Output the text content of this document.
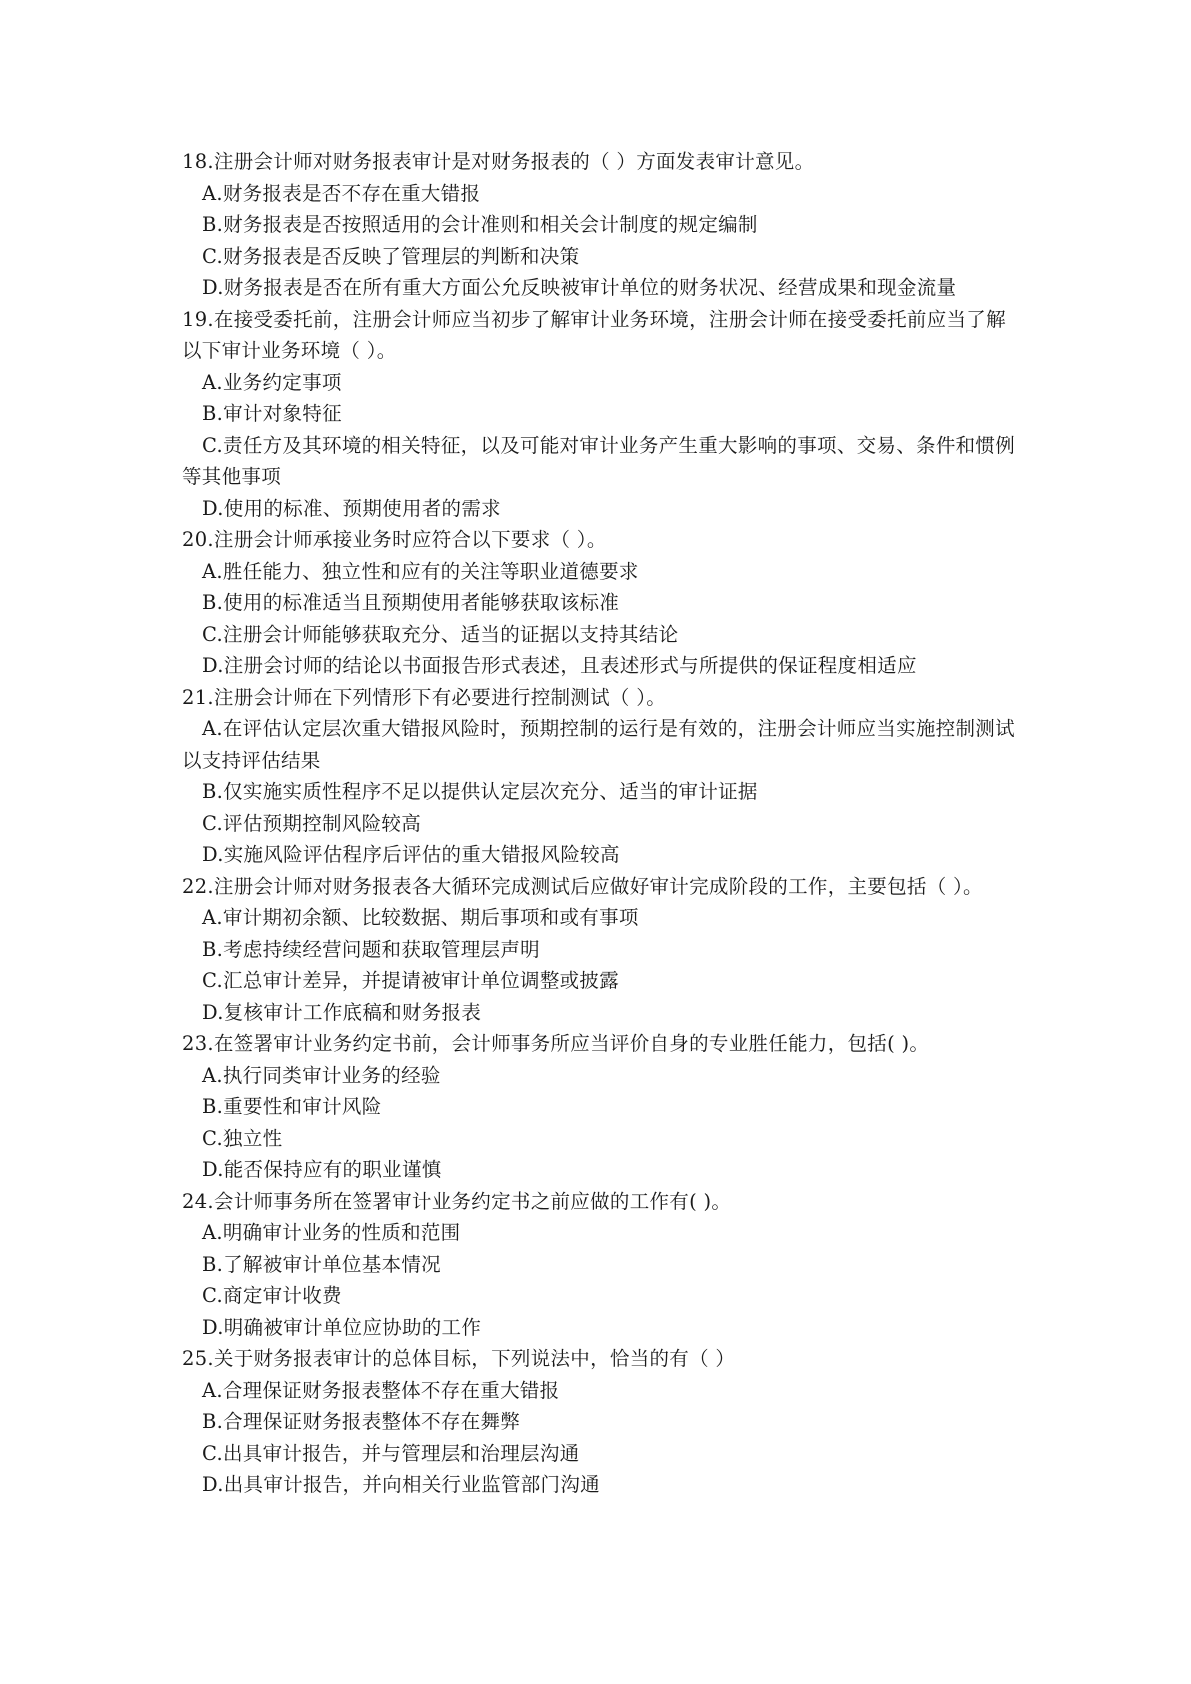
18.注册会计师对财务报表审计是对财务报表的（ ）方面发表审计意见。

A.财务报表是否不存在重大错报

B.财务报表是否按照适用的会计准则和相关会计制度的规定编制

C.财务报表是否反映了管理层的判断和决策

D.财务报表是否在所有重大方面公允反映被审计单位的财务状况、经营成果和现金流量

19.在接受委托前，注册会计师应当初步了解审计业务环境，注册会计师在接受委托前应当了解以下审计业务环境（ ）。

A.业务约定事项

B.审计对象特征

C.责任方及其环境的相关特征，以及可能对审计业务产生重大影响的事项、交易、条件和惯例等其他事项

D.使用的标准、预期使用者的需求

20.注册会计师承接业务时应符合以下要求（ ）。

A.胜任能力、独立性和应有的关注等职业道德要求

B.使用的标准适当且预期使用者能够获取该标准

C.注册会计师能够获取充分、适当的证据以支持其结论

D.注册会讨师的结论以书面报告形式表述，且表述形式与所提供的保证程度相适应

21.注册会计师在下列情形下有必要进行控制测试（ ）。

A.在评估认定层次重大错报风险时，预期控制的运行是有效的，注册会计师应当实施控制测试以支持评估结果

B.仅实施实质性程序不足以提供认定层次充分、适当的审计证据

C.评估预期控制风险较高

D.实施风险评估程序后评估的重大错报风险较高

22.注册会计师对财务报表各大循环完成测试后应做好审计完成阶段的工作，主要包括（ ）。

A.审计期初余额、比较数据、期后事项和或有事项

B.考虑持续经营问题和获取管理层声明

C.汇总审计差异，并提请被审计单位调整或披露

D.复核审计工作底稿和财务报表

23.在签署审计业务约定书前，会计师事务所应当评价自身的专业胜任能力，包括( )。

A.执行同类审计业务的经验

B.重要性和审计风险

C.独立性

D.能否保持应有的职业谨慎

24.会计师事务所在签署审计业务约定书之前应做的工作有( )。

A.明确审计业务的性质和范围

B.了解被审计单位基本情况

C.商定审计收费

D.明确被审计单位应协助的工作

25.关于财务报表审计的总体目标，下列说法中，恰当的有（ ）

A.合理保证财务报表整体不存在重大错报

B.合理保证财务报表整体不存在舞弊

C.出具审计报告，并与管理层和治理层沟通

D.出具审计报告，并向相关行业监管部门沟通
